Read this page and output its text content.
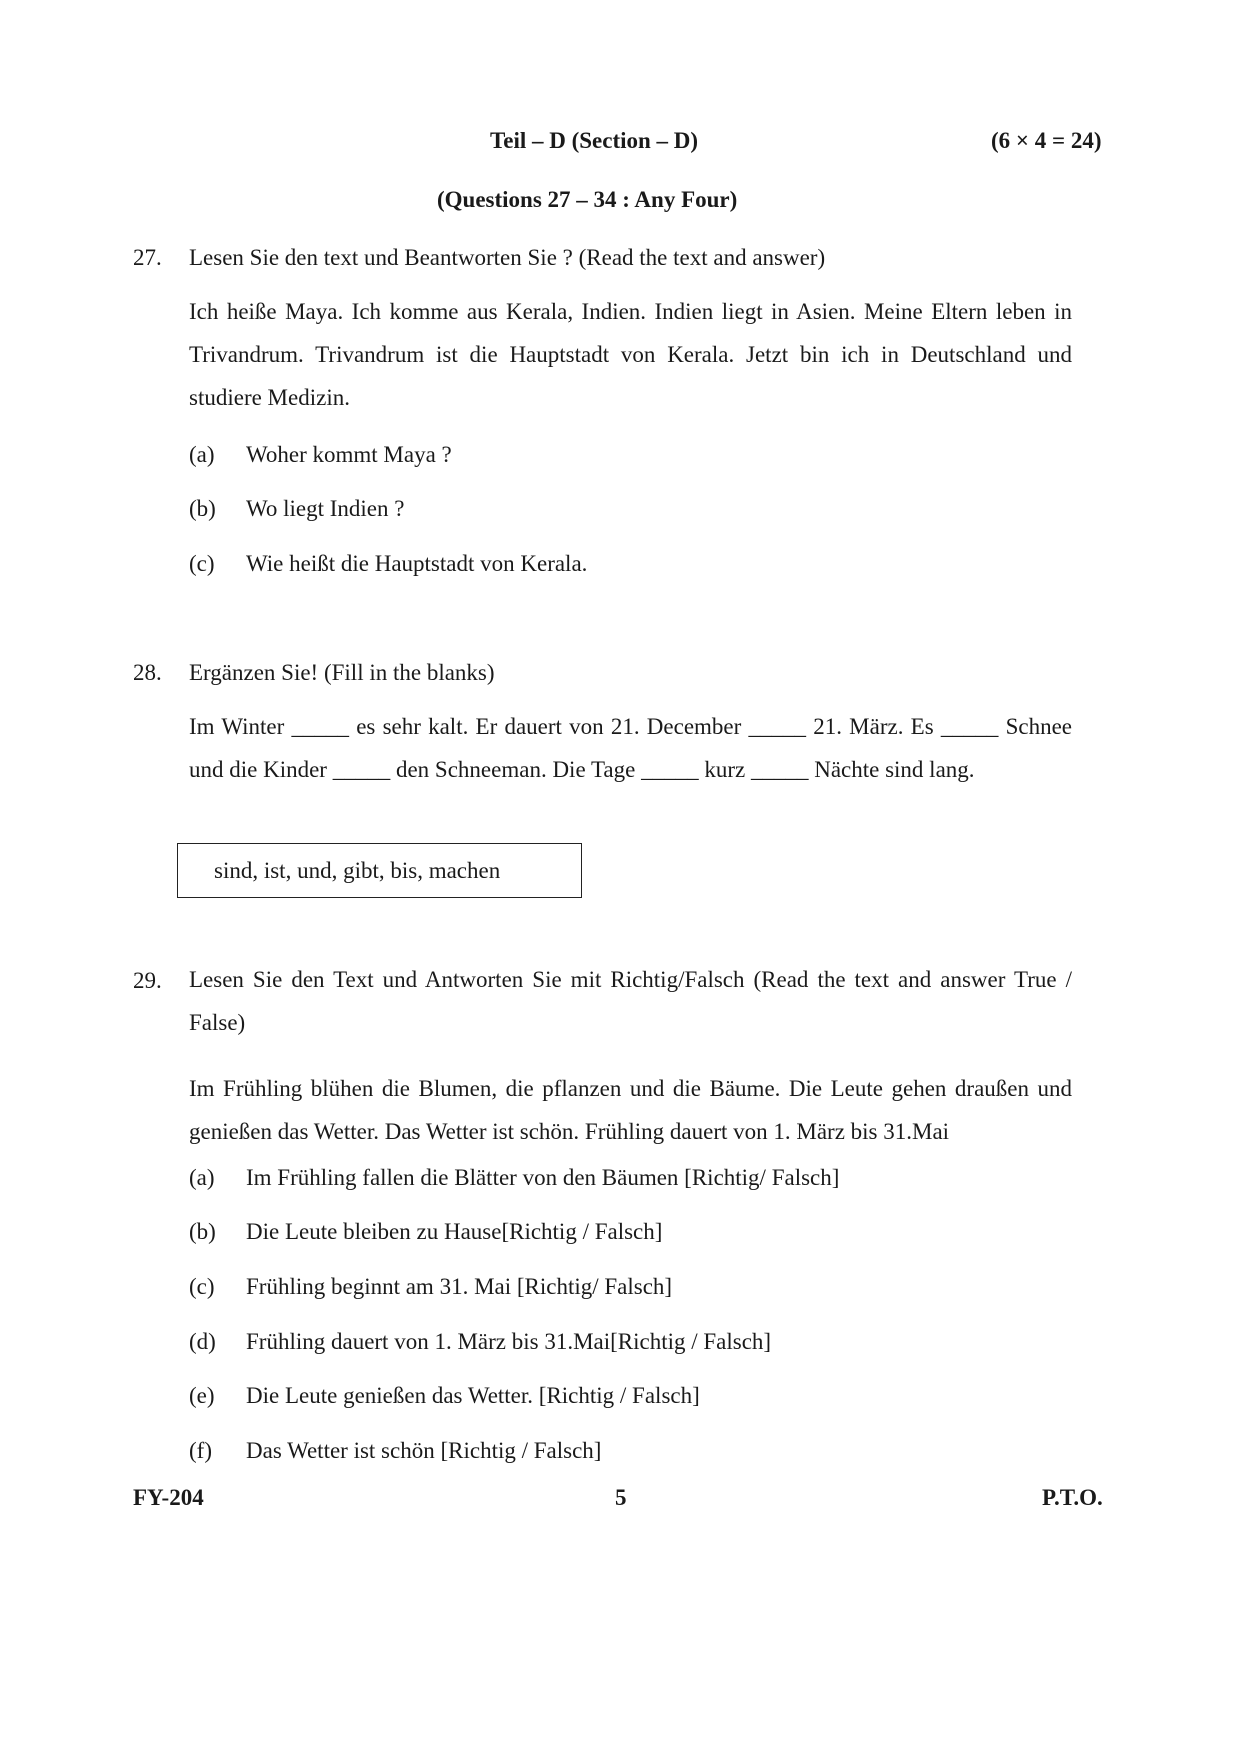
Teil – D (Section – D)	(6 × 4 = 24)
(Questions 27 – 34 : Any Four)
27. Lesen Sie den text und Beantworten Sie ? (Read the text and answer)
Ich heiße Maya. Ich komme aus Kerala, Indien. Indien liegt in Asien. Meine Eltern leben in Trivandrum. Trivandrum ist die Hauptstadt von Kerala. Jetzt bin ich in Deutschland und studiere Medizin.
(a) Woher kommt Maya ?
(b) Wo liegt Indien ?
(c) Wie heißt die Hauptstadt von Kerala.
28. Ergänzen Sie! (Fill in the blanks)
Im Winter _____ es sehr kalt. Er dauert von 21. December _____ 21. März. Es _____ Schnee und die Kinder _____ den Schneeman. Die Tage _____ kurz _____ Nächte sind lang.
sind, ist, und, gibt, bis, machen
29. Lesen Sie den Text und Antworten Sie mit Richtig/Falsch (Read the text and answer True / False)
Im Frühling blühen die Blumen, die pflanzen und die Bäume. Die Leute gehen draußen und genießen das Wetter. Das Wetter ist schön. Frühling dauert von 1. März bis 31.Mai
(a) Im Frühling fallen die Blätter von den Bäumen [Richtig/ Falsch]
(b) Die Leute bleiben zu Hause[Richtig / Falsch]
(c) Frühling beginnt am 31. Mai [Richtig/ Falsch]
(d) Frühling dauert von 1. März bis 31.Mai[Richtig / Falsch]
(e) Die Leute genießen das Wetter. [Richtig / Falsch]
(f) Das Wetter ist schön [Richtig / Falsch]
FY-204	5	P.T.O.
